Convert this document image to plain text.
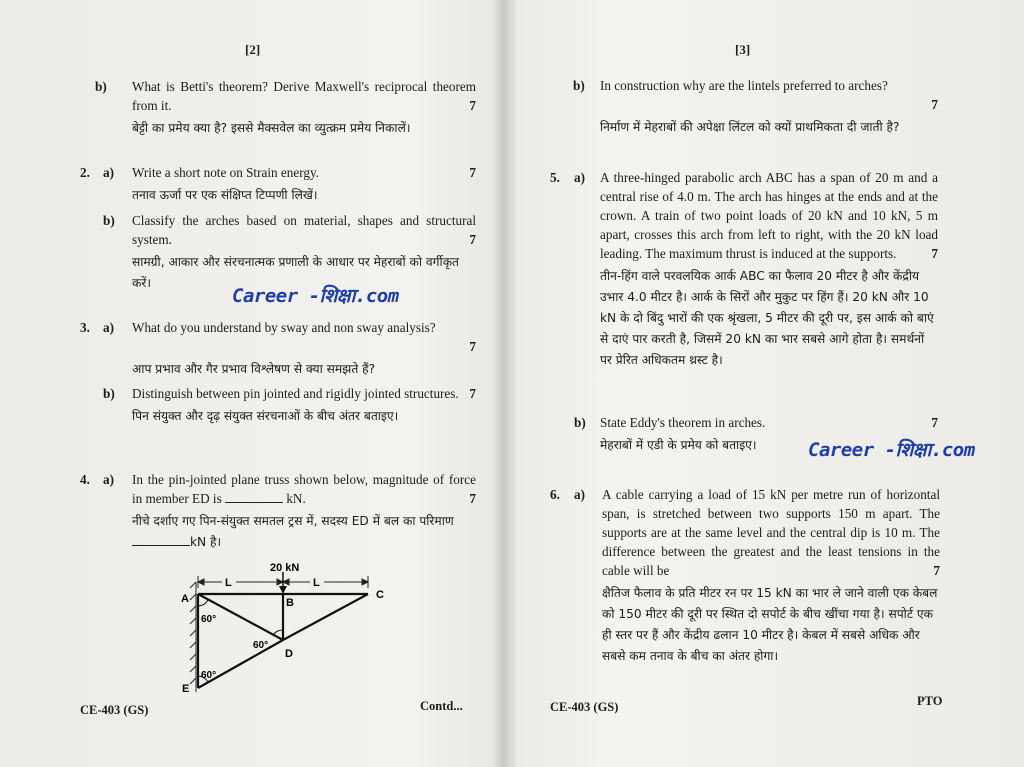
[2]
b) What is Betti's theorem? Derive Maxwell's reciprocal theorem from it.	7
बेट्टी का प्रमेय क्या है? इससे मैक्सवेल का व्युत्क्रम प्रमेय निकालें।
2. a) Write a short note on Strain energy.	7
तनाव ऊर्जा पर एक संक्षिप्त टिप्पणी लिखें।
b) Classify the arches based on material, shapes and structural system.	7
सामग्री, आकार और संरचनात्मक प्रणाली के आधार पर मेहराबों को वर्गीकृत करें।
Career -शिक्षा.com
3. a) What do you understand by sway and non sway analysis?
7
आप प्रभाव और गैर प्रभाव विश्लेषण से क्या समझते हैं?
b) Distinguish between pin jointed and rigidly jointed structures. 7
पिन संयुक्त और दृढ़ संयुक्त संरचनाओं के बीच अंतर बताइए।
4. a) In the pin-jointed plane truss shown below, magnitude of force in member ED is	kN.	7
नीचे दर्शाए गए पिन-संयुक्त समतल ट्रस में, सदस्य ED में बल का परिमाण kN है।
20 kN
L	L
A	B
C
D
E
60°
60°
60°
CE-403 (GS)	Contd...
[3]
b) In construction why are the lintels preferred to arches?
7
निर्माण में मेहराबों की अपेक्षा लिंटल को क्यों प्राथमिकता दी जाती है?
5. a) A three-hinged parabolic arch ABC has a span of 20 m and a central rise of 4.0 m. The arch has hinges at the ends and at the crown. A train of two point loads of 20 kN and 10 kN, 5 m apart, crosses this arch from left to right, with the 20 kN load leading. The maximum thrust is induced at the supports.	7
तीन-हिंग वाले परवलयिक आर्क ABC का फैलाव 20 मीटर है और केंद्रीय उभार 4.0 मीटर है। आर्क के सिरों और मुकुट पर हिंग हैं। 20 kN और 10 kN के दो बिंदु भारों की एक श्रृंखला, 5 मीटर की दूरी पर, इस आर्क को बाएं से दाएं पार करती है, जिसमें 20 kN का भार सबसे आगे होता है। समर्थनों पर प्रेरित अधिकतम थ्रस्ट है।
b) State Eddy's theorem in arches.	7
मेहराबों में एडी के प्रमेय को बताइए।	Career -शिक्षा.com
6. a) A cable carrying a load of 15 kN per metre run of horizontal span, is stretched between two supports 150 m apart. The supports are at the same level and the central dip is 10 m. The difference between the greatest and the least tensions in the cable will be	7
क्षैतिज फैलाव के प्रति मीटर रन पर 15 kN का भार ले जाने वाली एक केबल को 150 मीटर की दूरी पर स्थित दो सपोर्ट के बीच खींचा गया है। सपोर्ट एक ही स्तर पर हैं और केंद्रीय ढलान 10 मीटर है। केबल में सबसे अधिक और सबसे कम तनाव के बीच का अंतर होगा।
CE-403 (GS)	PTO
